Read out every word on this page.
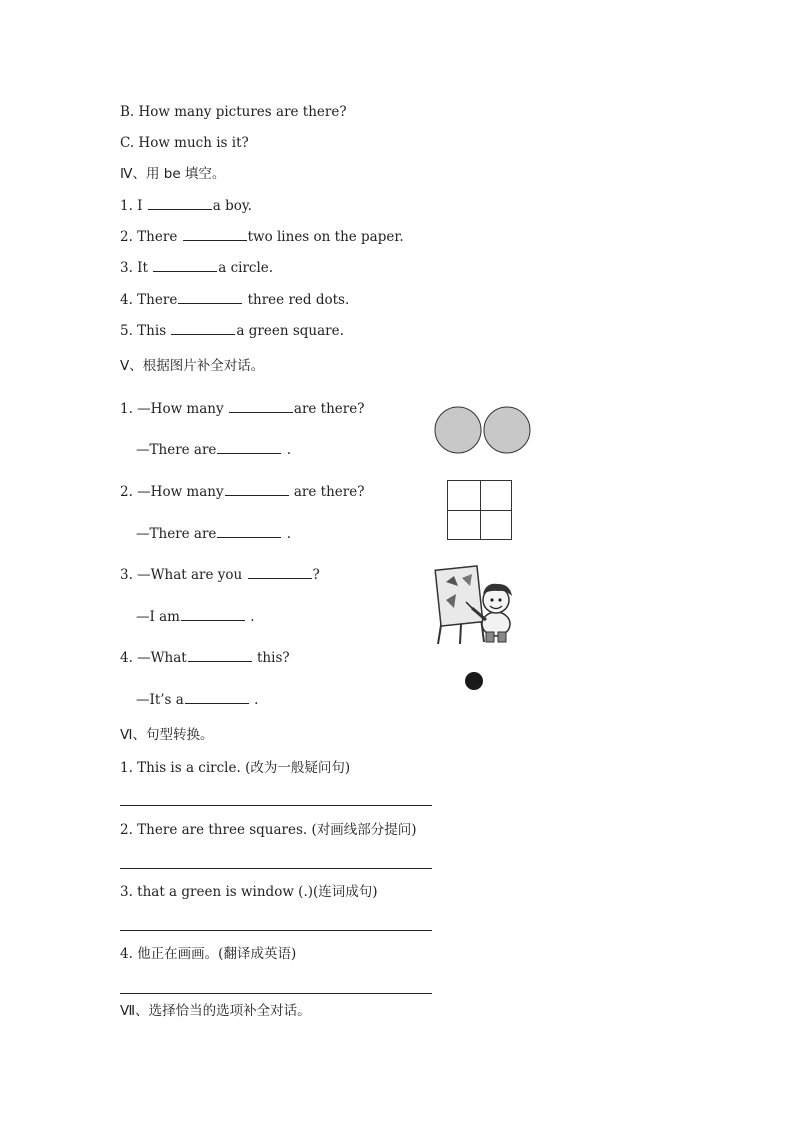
B. How many pictures are there?
C. How much is it?
Ⅳ、用 be 填空。
1. I	a boy.
2. There	two lines on the paper.
3. It	a circle.
4. There	three red dots.
5. This	a green square.
Ⅴ、根据图片补全对话。
1. —How many	are there?
—There are	.
2. —How many	are there?
—There are	.
3. —What are you	?
—I am	.
4. —What	this?
—It’s a	.
Ⅵ、句型转换。
1. This is a circle. (改为一般疑问句)
2. There are three squares. (对画线部分提问)
3. that a green is window (.)(连词成句)
4. 他正在画画。(翻译成英语)
Ⅶ、选择恰当的选项补全对话。
